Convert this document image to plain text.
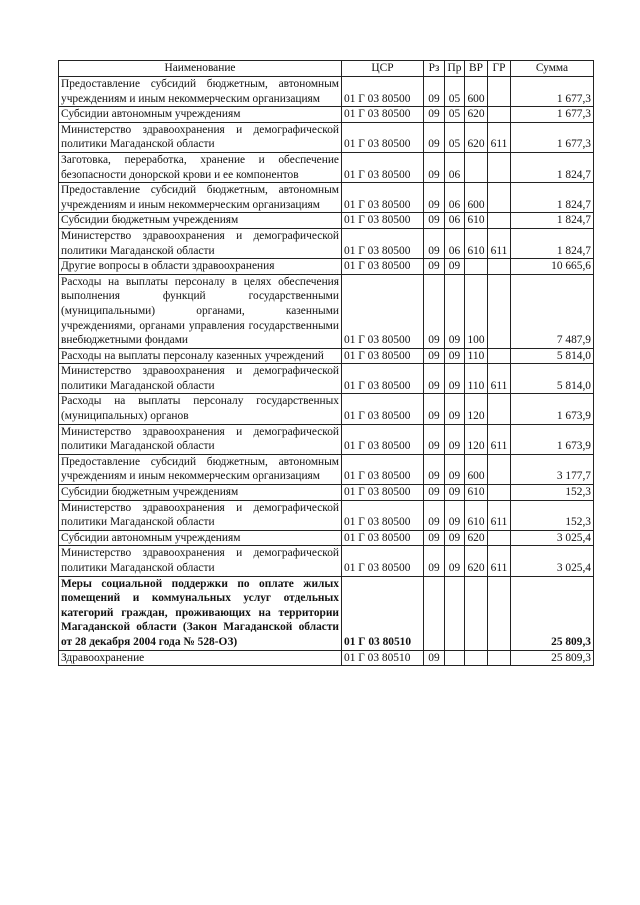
Наименование	ЦСР	Рз	Пр	ВР	ГР	Сумма
Предоставление субсидий бюджетным, автономным учреждениям и иным некоммерческим организациям	01 Г 03 80500	09	05	600		1 677,3
Субсидии автономным учреждениям	01 Г 03 80500	09	05	620		1 677,3
Министерство здравоохранения и демографической политики Магаданской области	01 Г 03 80500	09	05	620	611	1 677,3
Заготовка, переработка, хранение и обеспечение безопасности донорской крови и ее компонентов	01 Г 03 80500	09	06			1 824,7
Предоставление субсидий бюджетным, автономным учреждениям и иным некоммерческим организациям	01 Г 03 80500	09	06	600		1 824,7
Субсидии бюджетным учреждениям	01 Г 03 80500	09	06	610		1 824,7
Министерство здравоохранения и демографической политики Магаданской области	01 Г 03 80500	09	06	610	611	1 824,7
Другие вопросы в области здравоохранения	01 Г 03 80500	09	09			10 665,6
Расходы на выплаты персоналу в целях обеспечения выполнения функций государственными (муниципальными) органами, казенными учреждениями, органами управления государственными внебюджетными фондами	01 Г 03 80500	09	09	100		7 487,9
Расходы на выплаты персоналу казенных учреждений	01 Г 03 80500	09	09	110		5 814,0
Министерство здравоохранения и демографической политики Магаданской области	01 Г 03 80500	09	09	110	611	5 814,0
Расходы на выплаты персоналу государственных (муниципальных) органов	01 Г 03 80500	09	09	120		1 673,9
Министерство здравоохранения и демографической политики Магаданской области	01 Г 03 80500	09	09	120	611	1 673,9
Предоставление субсидий бюджетным, автономным учреждениям и иным некоммерческим организациям	01 Г 03 80500	09	09	600		3 177,7
Субсидии бюджетным учреждениям	01 Г 03 80500	09	09	610		152,3
Министерство здравоохранения и демографической политики Магаданской области	01 Г 03 80500	09	09	610	611	152,3
Субсидии автономным учреждениям	01 Г 03 80500	09	09	620		3 025,4
Министерство здравоохранения и демографической политики Магаданской области	01 Г 03 80500	09	09	620	611	3 025,4
Меры социальной поддержки по оплате жилых помещений и коммунальных услуг отдельных категорий граждан, проживающих на территории Магаданской области (Закон Магаданской области от 28 декабря 2004 года № 528-ОЗ)	01 Г 03 80510					25 809,3
Здравоохранение	01 Г 03 80510	09				25 809,3
